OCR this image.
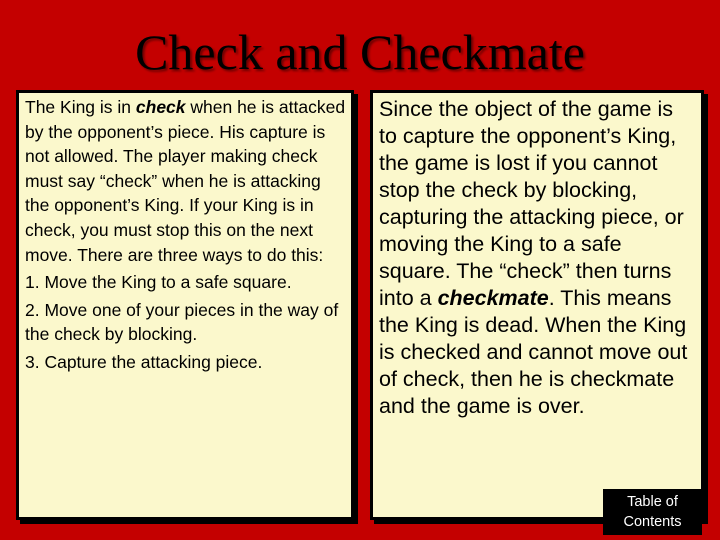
Check and Checkmate

The King is in check when he is attacked by the opponent’s piece. His capture is not allowed. The player making check must say “check” when he is attacking the opponent’s King. If your King is in check, you must stop this on the next move. There are three ways to do this:

1. Move the King to a safe square.

2. Move one of your pieces in the way of the check by blocking.

3. Capture the attacking piece.

Since the object of the game is to capture the opponent’s King, the game is lost if you cannot stop the check by blocking, capturing the attacking piece, or moving the King to a safe square. The “check” then turns into a checkmate. This means the King is dead. When the King is checked and cannot move out of check, then he is checkmate and the game is over.

Table of
Contents
